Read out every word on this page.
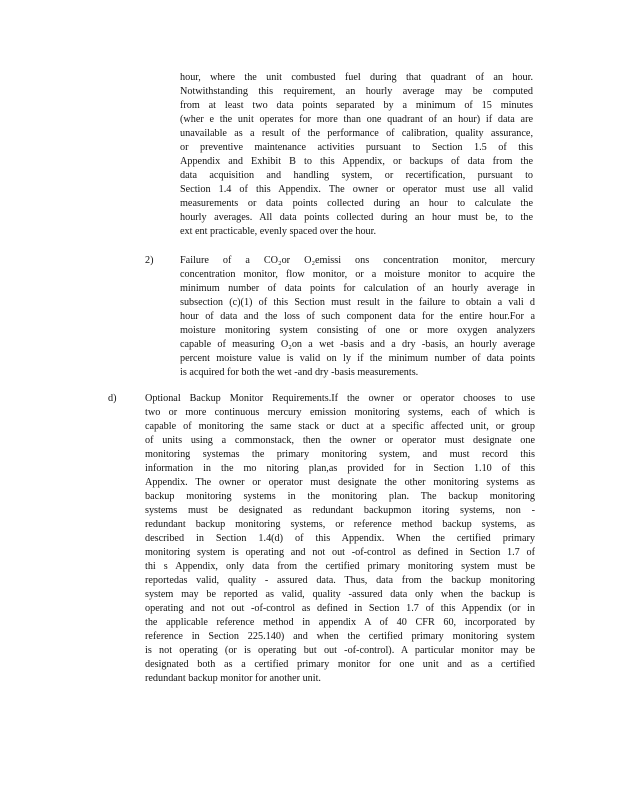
hour, where the unit combusted fuel during that quadrant of an hour.
Notwithstanding this requirement, an hourly average may be computed
from at least two data points separated by a minimum of 15 minutes
(wher e the unit operates for more than one quadrant of an hour) if data are
unavailable as a result of the performance of calibration, quality assurance,
or preventive maintenance activities pursuant to Section 1.5 of this
Appendix and Exhibit B to this Appendix, or backups of data from the
data acquisition and handling system, or recertification, pursuant to
Section 1.4 of this Appendix. The owner or operator must use all valid
measurements or data points collected during an hour to calculate the
hourly averages. All data points collected during an hour must be, to the
ext ent practicable, evenly spaced over the hour.
2)	Failure of a CO₂or O₂emissi ons concentration monitor, mercury
concentration monitor, flow monitor, or a moisture monitor to acquire the
minimum number of data points for calculation of an hourly average in
subsection (c)(1) of this Section must result in the failure to obtain a vali d
hour of data and the loss of such component data for the entire hour.For a
moisture monitoring system consisting of one or more oxygen analyzers
capable of measuring O₂on a wet -basis and a dry -basis, an hourly average
percent moisture value is valid on ly if the minimum number of data points
is acquired for both the wet -and dry -basis measurements.
d)	Optional Backup Monitor Requirements.If the owner or operator chooses to use
two or more continuous mercury emission monitoring systems, each of which is
capable of monitoring the same stack or duct at a specific affected unit, or group
of units using a commonstack, then the owner or operator must designate one
monitoring systemas the primary monitoring system, and must record this
information in the mo nitoring plan,as provided for in Section 1.10 of this
Appendix. The owner or operator must designate the other monitoring systems as
backup monitoring systems in the monitoring plan. The backup monitoring
systems must be designated as redundant backupmon itoring systems, non -
redundant backup monitoring systems, or reference method backup systems, as
described in Section 1.4(d) of this Appendix. When the certified primary
monitoring system is operating and not out -of-control as defined in Section 1.7 of
thi s Appendix, only data from the certified primary monitoring system must be
reportedas valid, quality - assured data. Thus, data from the backup monitoring
system may be reported as valid, quality -assured data only when the backup is
operating and not out -of-control as defined in Section 1.7 of this Appendix (or in
the applicable reference method in appendix A of 40 CFR 60, incorporated by
reference in Section 225.140) and when the certified primary monitoring system
is not operating (or is operating but out -of-control). A particular monitor may be
designated both as a certified primary monitor for one unit and as a certified
redundant backup monitor for another unit.
